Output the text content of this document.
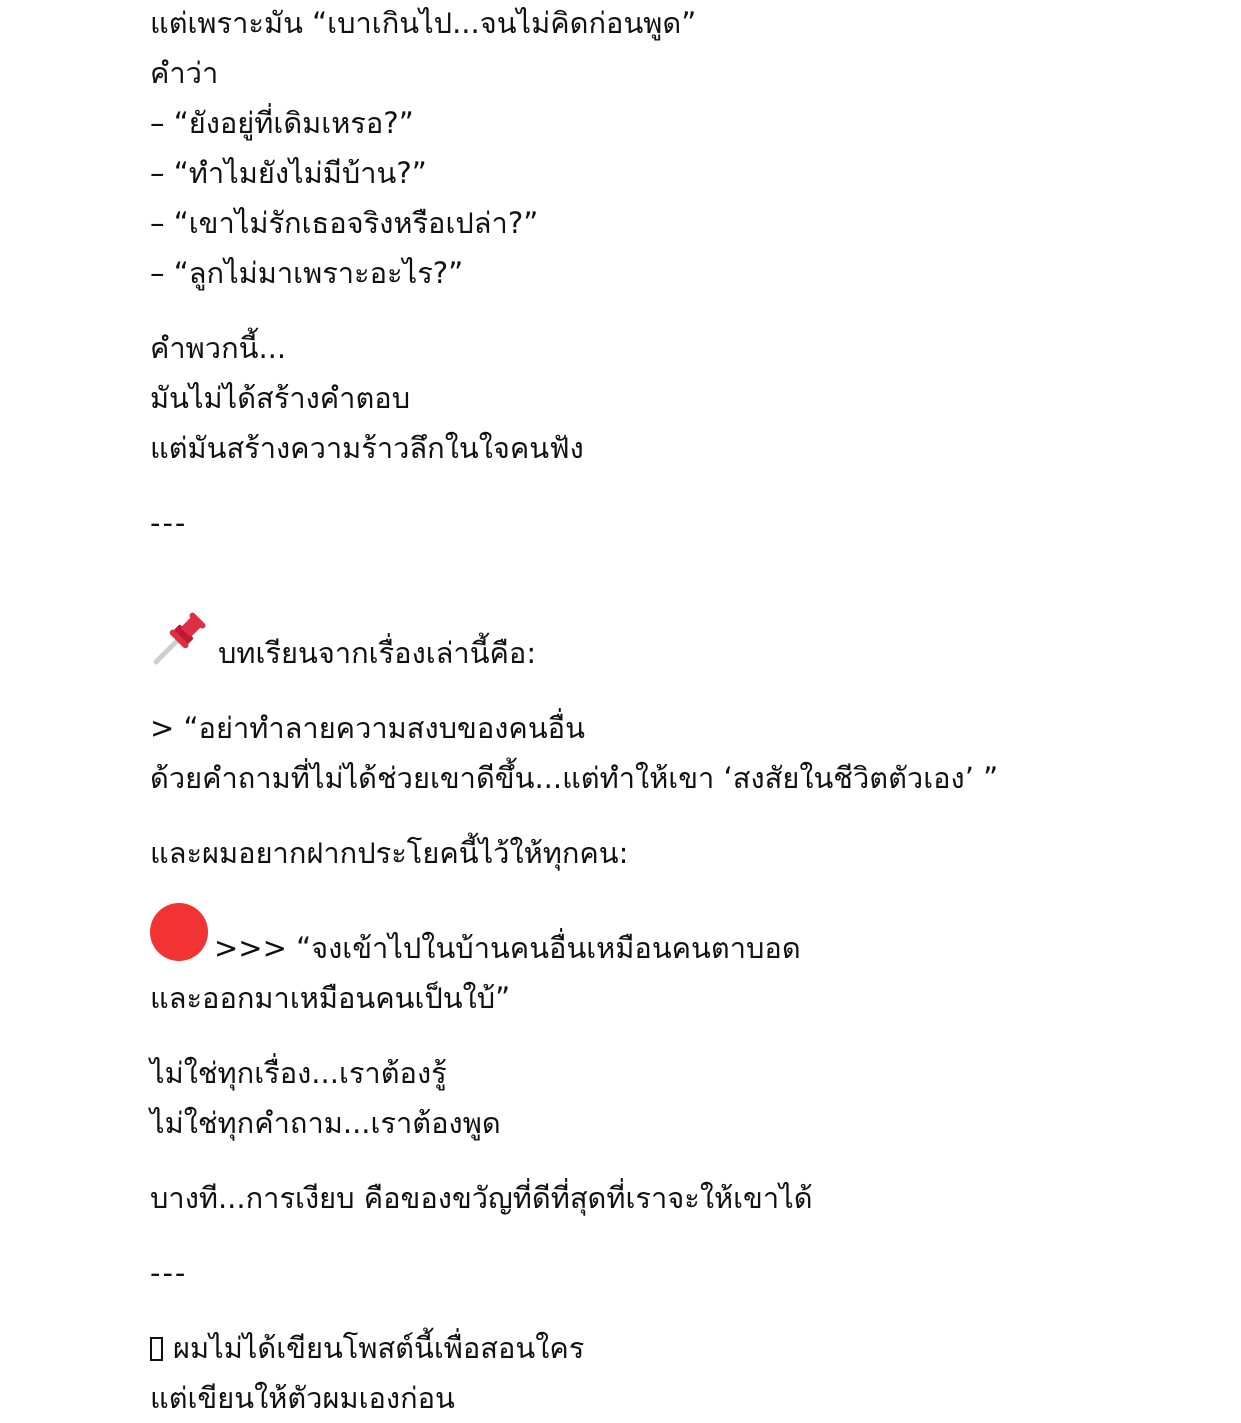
แต่เพราะมัน “เบาเกินไป...จนไม่คิดก่อนพูด”
คำว่า
– “ยังอยู่ที่เดิมเหรอ?”
– “ทำไมยังไม่มีบ้าน?”
– “เขาไม่รักเธอจริงหรือเปล่า?”
– “ลูกไม่มาเพราะอะไร?”
คำพวกนี้...
มันไม่ได้สร้างคำตอบ
แต่มันสร้างความร้าวลึกในใจคนฟัง
---
บทเรียนจากเรื่องเล่านี้คือ:
> “อย่าทำลายความสงบของคนอื่น
ด้วยคำถามที่ไม่ได้ช่วยเขาดีขึ้น...แต่ทำให้เขา ‘สงสัยในชีวิตตัวเอง’ ”
และผมอยากฝากประโยคนี้ไว้ให้ทุกคน:
>>> “จงเข้าไปในบ้านคนอื่นเหมือนคนตาบอด
และออกมาเหมือนคนเป็นใบ้”
ไม่ใช่ทุกเรื่อง...เราต้องรู้
ไม่ใช่ทุกคำถาม...เราต้องพูด
บางที...การเงียบ คือของขวัญที่ดีที่สุดที่เราจะให้เขาได้
---
ผมไม่ได้เขียนโพสต์นี้เพื่อสอนใคร
แต่เขียนให้ตัวผมเองก่อน
